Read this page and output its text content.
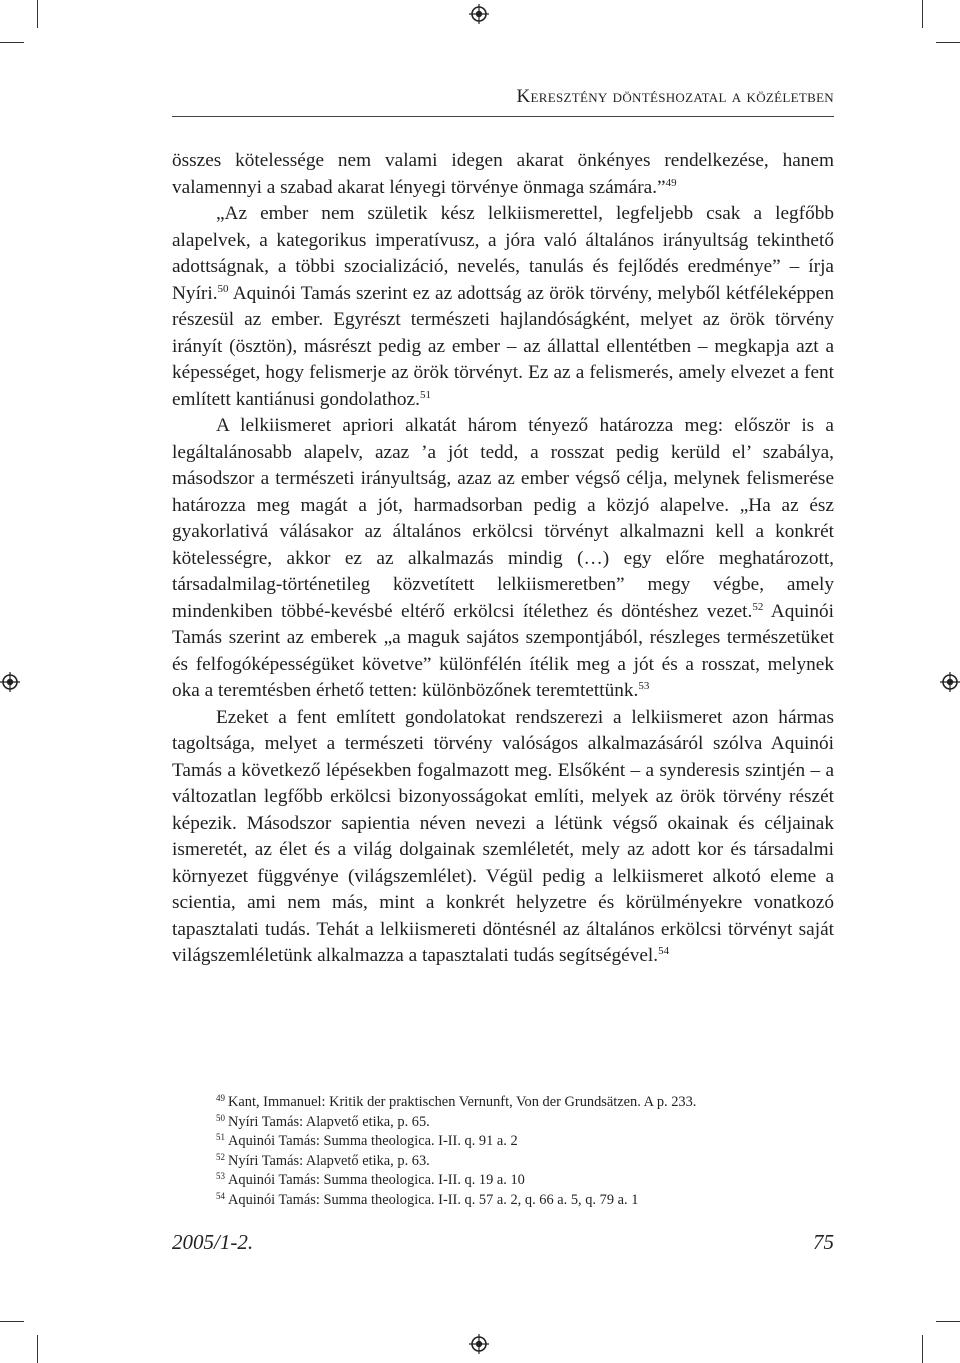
Keresztény döntéshozatal a közéletben

összes kötelessége nem valami idegen akarat önkényes rendelkezése, hanem valamennyi a szabad akarat lényegi törvénye önmaga számára.”$^{49}$

„Az ember nem születik kész lelkiismerettel, legfeljebb csak a legfőbb alapelvek, a kategorikus imperatívusz, a jóra való általános irányultság tekinthető adottságnak, a többi szocializáció, nevelés, tanulás és fejlődés eredménye” – írja Nyíri.$^{50}$ Aquinói Tamás szerint ez az adottság az örök törvény, melyből kétféleképpen részesül az ember. Egyrészt természeti hajlandóságként, melyet az örök törvény irányít (ösztön), másrészt pedig az ember – az állattal ellentétben – megkapja azt a képességet, hogy felismerje az örök törvényt. Ez az a felismerés, amely elvezet a fent említett kantiánusi gondolathoz.$^{51}$

A lelkiismeret apriori alkatát három tényező határozza meg: először is a legáltalánosabb alapelv, azaz ’a jót tedd, a rosszat pedig kerüld el’ szabálya, másodszor a természeti irányultság, azaz az ember végső célja, melynek felismerése határozza meg magát a jót, harmadsorban pedig a közjó alapelve. „Ha az ész gyakorlativá válásakor az általános erkölcsi törvényt alkalmazni kell a konkrét kötelességre, akkor ez az alkalmazás mindig (…) egy előre meghatározott, társadalmilag-történetileg közvetített lelkiismeretben” megy végbe, amely mindenkiben többé-kevésbé eltérő erkölcsi ítélethez és döntéshez vezet.$^{52}$ Aquinói Tamás szerint az emberek „a maguk sajátos szempontjából, részleges természetüket és felfogóképességüket követve” különfélén ítélik meg a jót és a rosszat, melynek oka a teremtésben érhető tetten: különbözőnek teremtettünk.$^{53}$

Ezeket a fent említett gondolatokat rendszerezi a lelkiismeret azon hármas tagoltsága, melyet a természeti törvény valóságos alkalmazásáról szólva Aquinói Tamás a következő lépésekben fogalmazott meg. Elsőként – a synderesis szintjén – a változatlan legfőbb erkölcsi bizonyosságokat említi, melyek az örök törvény részét képezik. Másodszor sapientia néven nevezi a létünk végső okainak és céljainak ismeretét, az élet és a világ dolgainak szemléletét, mely az adott kor és társadalmi környezet függvénye (világszemlélet). Végül pedig a lelkiismeret alkotó eleme a scientia, ami nem más, mint a konkrét helyzetre és körülményekre vonatkozó tapasztalati tudás. Tehát a lelkiismereti döntésnél az általános erkölcsi törvényt saját világszemléletünk alkalmazza a tapasztalati tudás segítségével.$^{54}$

$^{49}$ Kant, Immanuel: Kritik der praktischen Vernunft, Von der Grundsätzen. A p. 233.
$^{50}$ Nyíri Tamás: Alapvető etika, p. 65.
$^{51}$ Aquinói Tamás: Summa theologica. I-II. q. 91 a. 2
$^{52}$ Nyíri Tamás: Alapvető etika, p. 63.
$^{53}$ Aquinói Tamás: Summa theologica. I-II. q. 19 a. 10
$^{54}$ Aquinói Tamás: Summa theologica. I-II. q. 57 a. 2, q. 66 a. 5, q. 79 a. 1
2005/1-2.	75
